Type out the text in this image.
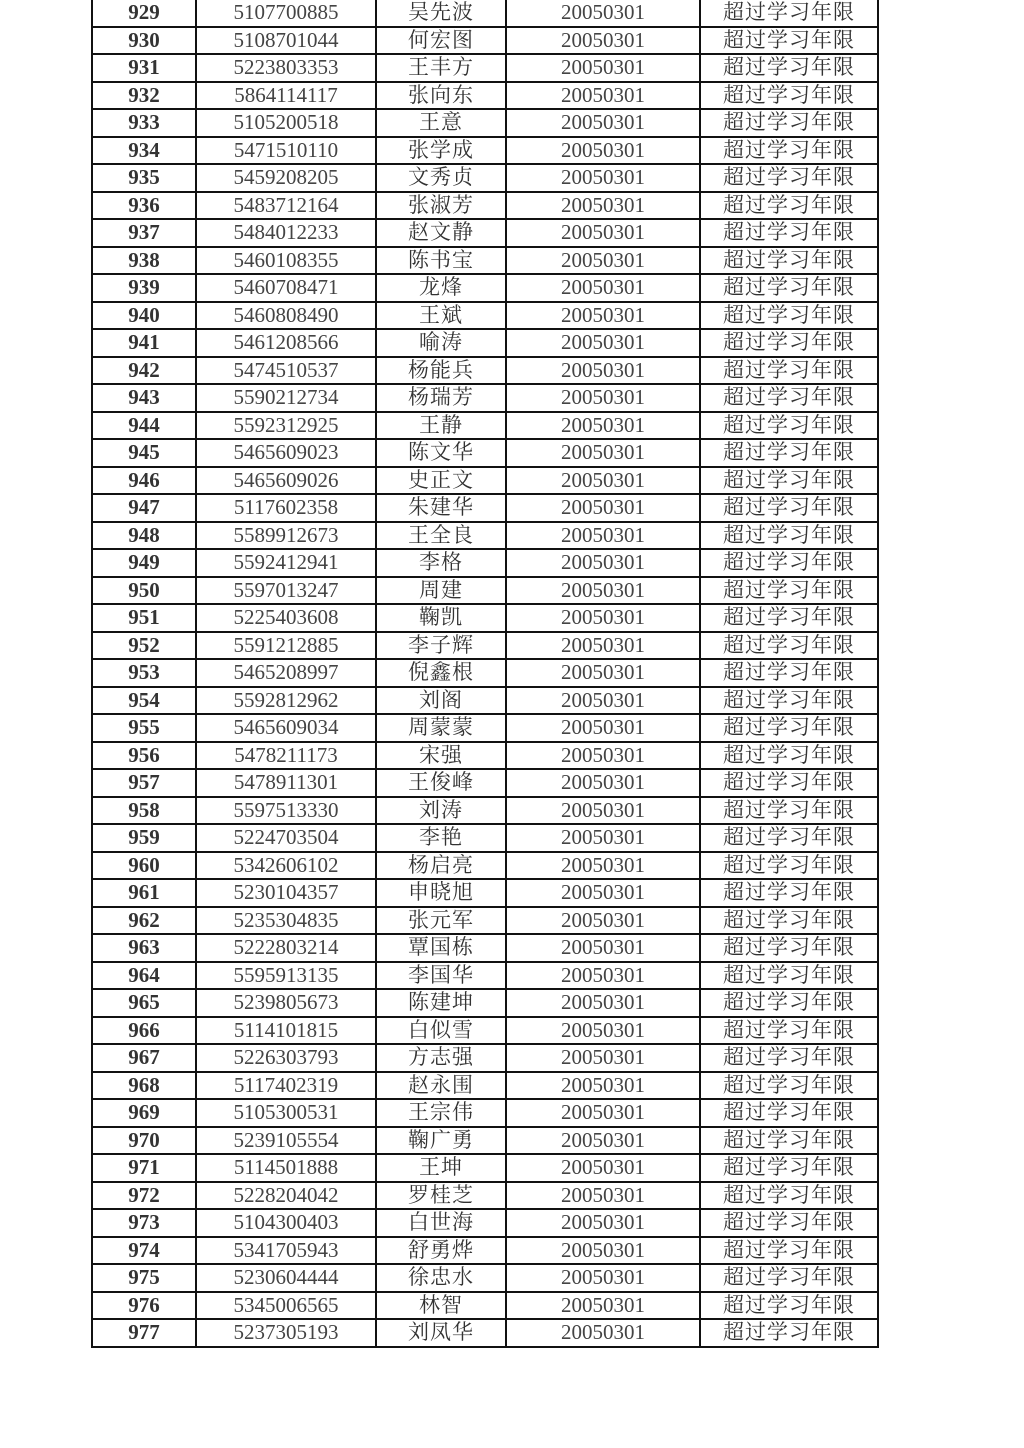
929	5107700885	吴先波	20050301	超过学习年限
930	5108701044	何宏图	20050301	超过学习年限
931	5223803353	王丰方	20050301	超过学习年限
932	5864114117	张向东	20050301	超过学习年限
933	5105200518	王意	20050301	超过学习年限
934	5471510110	张学成	20050301	超过学习年限
935	5459208205	文秀贞	20050301	超过学习年限
936	5483712164	张淑芳	20050301	超过学习年限
937	5484012233	赵文静	20050301	超过学习年限
938	5460108355	陈书宝	20050301	超过学习年限
939	5460708471	龙烽	20050301	超过学习年限
940	5460808490	王斌	20050301	超过学习年限
941	5461208566	喻涛	20050301	超过学习年限
942	5474510537	杨能兵	20050301	超过学习年限
943	5590212734	杨瑞芳	20050301	超过学习年限
944	5592312925	王静	20050301	超过学习年限
945	5465609023	陈文华	20050301	超过学习年限
946	5465609026	史正文	20050301	超过学习年限
947	5117602358	朱建华	20050301	超过学习年限
948	5589912673	王全良	20050301	超过学习年限
949	5592412941	李格	20050301	超过学习年限
950	5597013247	周建	20050301	超过学习年限
951	5225403608	鞠凯	20050301	超过学习年限
952	5591212885	李子辉	20050301	超过学习年限
953	5465208997	倪鑫根	20050301	超过学习年限
954	5592812962	刘阁	20050301	超过学习年限
955	5465609034	周蒙蒙	20050301	超过学习年限
956	5478211173	宋强	20050301	超过学习年限
957	5478911301	王俊峰	20050301	超过学习年限
958	5597513330	刘涛	20050301	超过学习年限
959	5224703504	李艳	20050301	超过学习年限
960	5342606102	杨启亮	20050301	超过学习年限
961	5230104357	申晓旭	20050301	超过学习年限
962	5235304835	张元军	20050301	超过学习年限
963	5222803214	覃国栋	20050301	超过学习年限
964	5595913135	李国华	20050301	超过学习年限
965	5239805673	陈建坤	20050301	超过学习年限
966	5114101815	白似雪	20050301	超过学习年限
967	5226303793	方志强	20050301	超过学习年限
968	5117402319	赵永围	20050301	超过学习年限
969	5105300531	王宗伟	20050301	超过学习年限
970	5239105554	鞠广勇	20050301	超过学习年限
971	5114501888	王坤	20050301	超过学习年限
972	5228204042	罗桂芝	20050301	超过学习年限
973	5104300403	白世海	20050301	超过学习年限
974	5341705943	舒勇烨	20050301	超过学习年限
975	5230604444	徐忠水	20050301	超过学习年限
976	5345006565	林智	20050301	超过学习年限
977	5237305193	刘凤华	20050301	超过学习年限
